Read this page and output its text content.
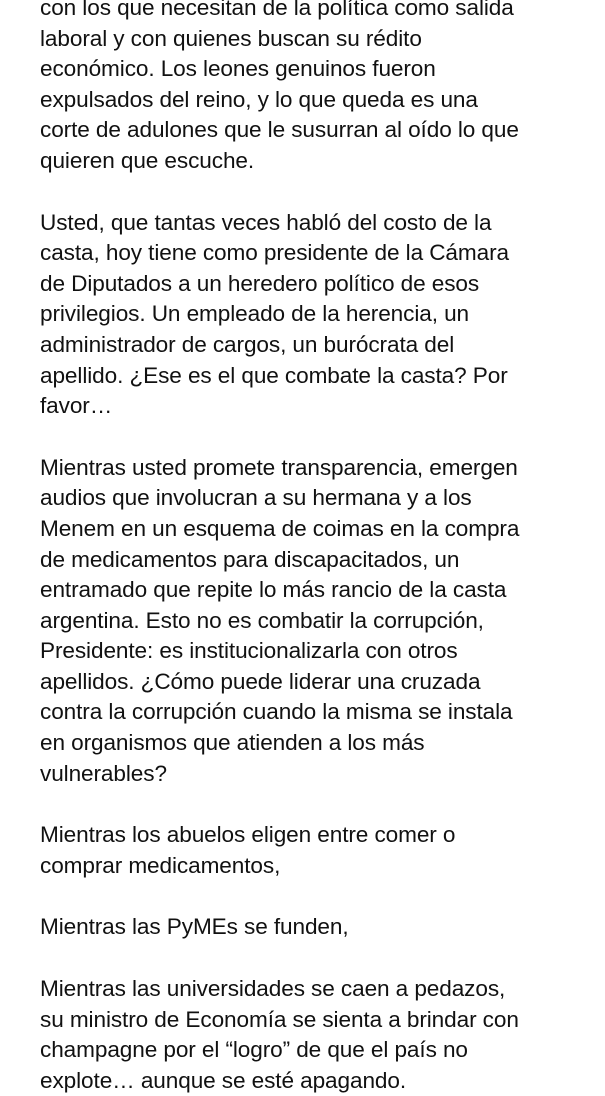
con los que necesitan de la política como salida
laboral y con quienes buscan su rédito
económico. Los leones genuinos fueron
expulsados del reino, y lo que queda es una
corte de adulones que le susurran al oído lo que
quieren que escuche.

Usted, que tantas veces habló del costo de la
casta, hoy tiene como presidente de la Cámara
de Diputados a un heredero político de esos
privilegios. Un empleado de la herencia, un
administrador de cargos, un burócrata del
apellido. ¿Ese es el que combate la casta? Por
favor…

Mientras usted promete transparencia, emergen
audios que involucran a su hermana y a los
Menem en un esquema de coimas en la compra
de medicamentos para discapacitados, un
entramado que repite lo más rancio de la casta
argentina. Esto no es combatir la corrupción,
Presidente: es institucionalizarla con otros
apellidos. ¿Cómo puede liderar una cruzada
contra la corrupción cuando la misma se instala
en organismos que atienden a los más
vulnerables?

Mientras los abuelos eligen entre comer o
comprar medicamentos,

Mientras las PyMEs se funden,

Mientras las universidades se caen a pedazos,
su ministro de Economía se sienta a brindar con
champagne por el “logro” de que el país no
explote… aunque se esté apagando.
